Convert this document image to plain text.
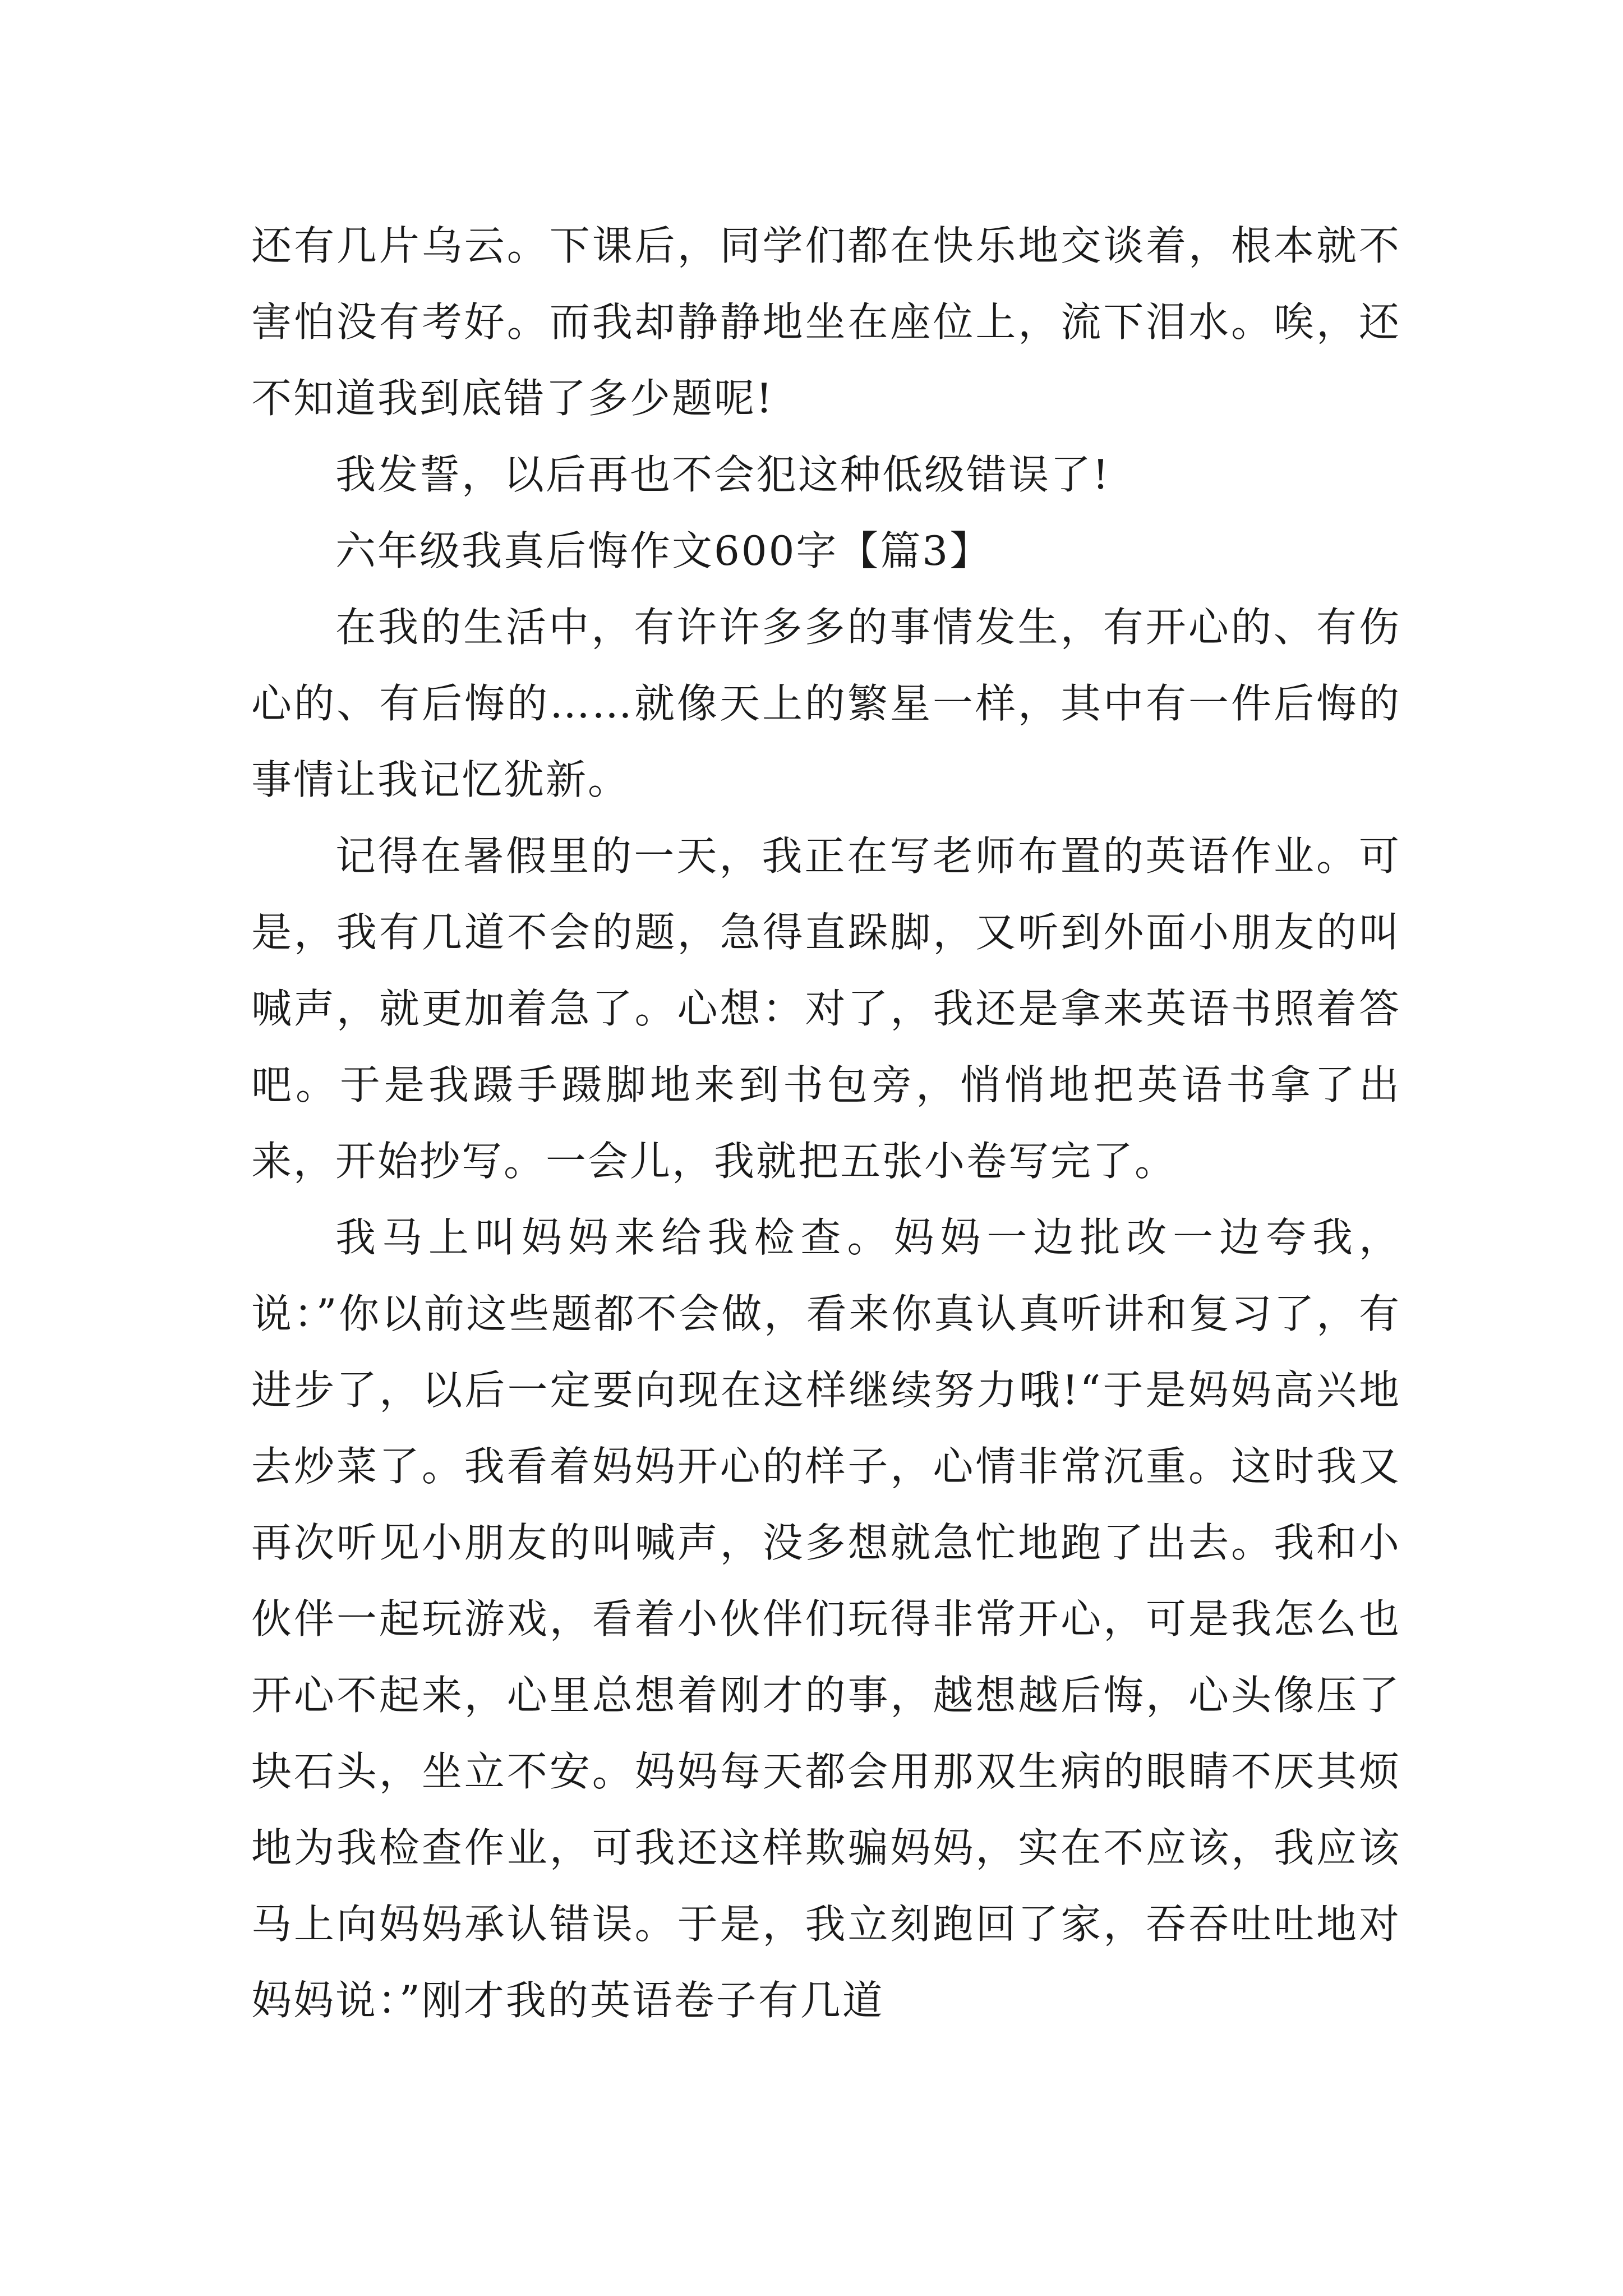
还有几片乌云。下课后，同学们都在快乐地交谈着，根本就不害怕没有考好。而我却静静地坐在座位上，流下泪水。唉，还不知道我到底错了多少题呢!

我发誓，以后再也不会犯这种低级错误了!

六年级我真后悔作文600字【篇3】

在我的生活中，有许许多多的事情发生，有开心的、有伤心的、有后悔的……就像天上的繁星一样，其中有一件后悔的事情让我记忆犹新。

记得在暑假里的一天，我正在写老师布置的英语作业。可是，我有几道不会的题，急得直跺脚，又听到外面小朋友的叫喊声，就更加着急了。心想：对了，我还是拿来英语书照着答吧。于是我蹑手蹑脚地来到书包旁，悄悄地把英语书拿了出来，开始抄写。一会儿，我就把五张小卷写完了。

我马上叫妈妈来给我检查。妈妈一边批改一边夸我，说：”你以前这些题都不会做，看来你真认真听讲和复习了，有进步了，以后一定要向现在这样继续努力哦!“于是妈妈高兴地去炒菜了。我看着妈妈开心的样子，心情非常沉重。这时我又再次听见小朋友的叫喊声，没多想就急忙地跑了出去。我和小伙伴一起玩游戏，看着小伙伴们玩得非常开心，可是我怎么也开心不起来，心里总想着刚才的事，越想越后悔，心头像压了块石头，坐立不安。妈妈每天都会用那双生病的眼睛不厌其烦地为我检查作业，可我还这样欺骗妈妈，实在不应该，我应该马上向妈妈承认错误。于是，我立刻跑回了家，吞吞吐吐地对妈妈说：”刚才我的英语卷子有几道
